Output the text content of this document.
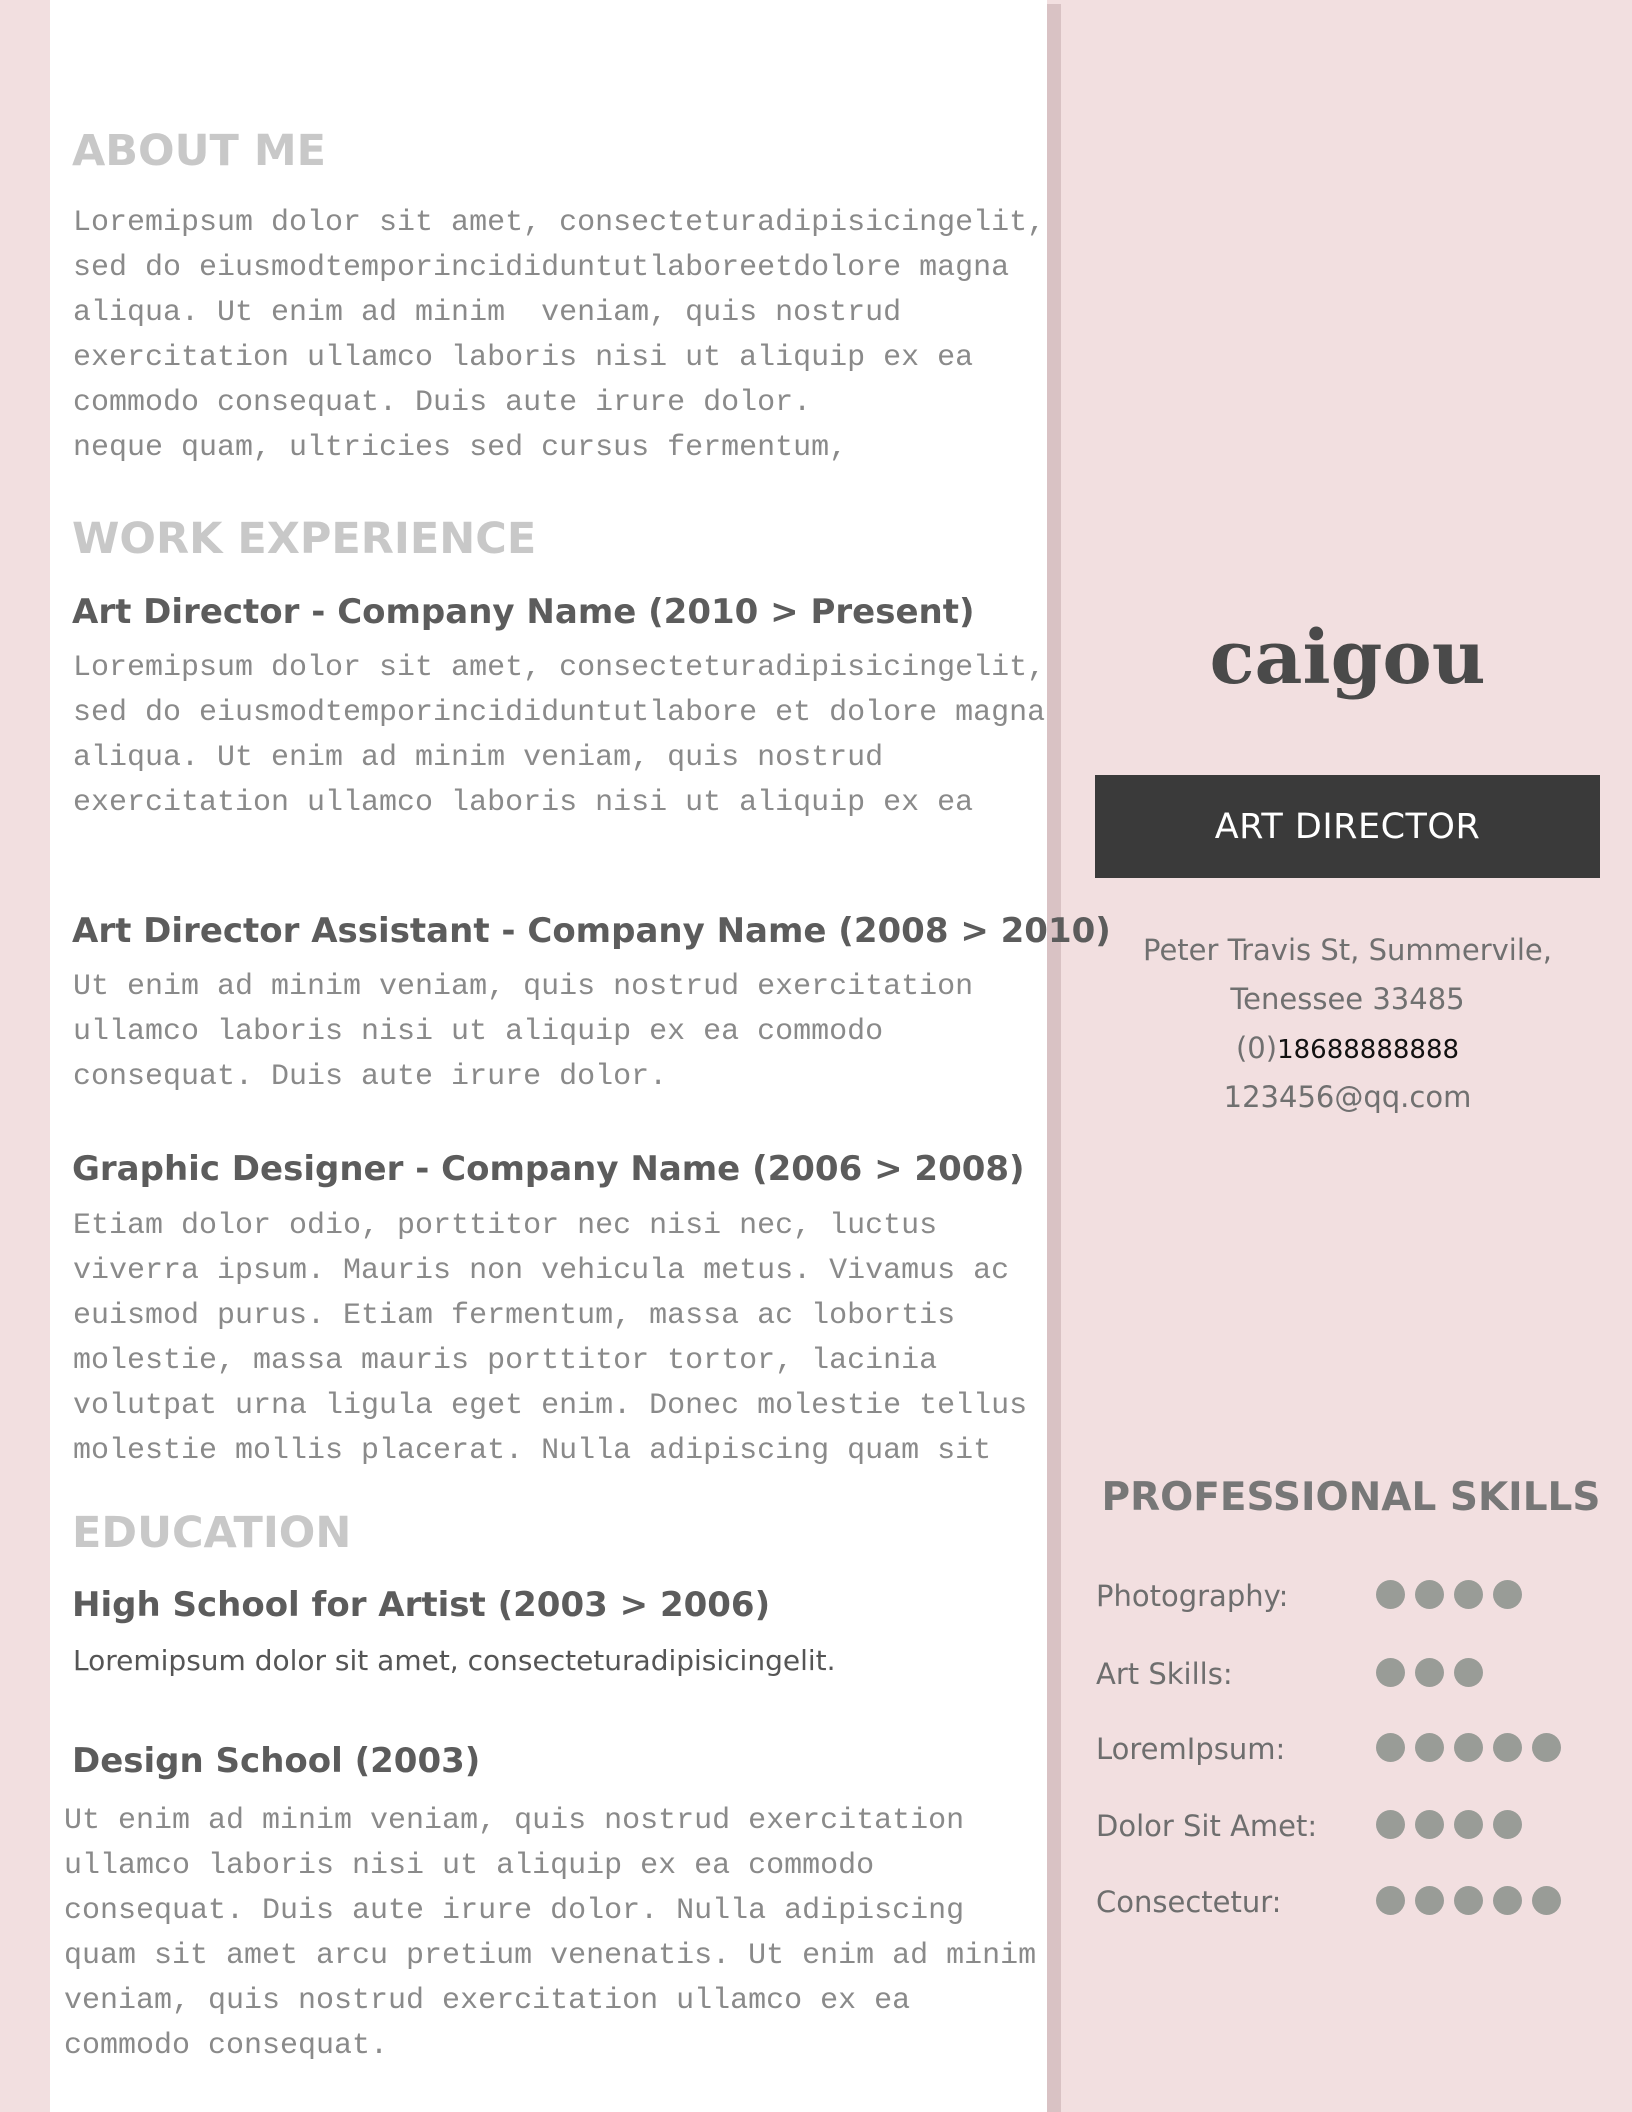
ABOUT ME

Loremipsum dolor sit amet, consecteturadipisicingelit,
sed do eiusmodtemporincididuntutlaboreetdolore magna
aliqua. Ut enim ad minim  veniam, quis nostrud
exercitation ullamco laboris nisi ut aliquip ex ea
commodo consequat. Duis aute irure dolor.
neque quam, ultricies sed cursus fermentum,

WORK EXPERIENCE
Art Director - Company Name (2010 > Present)

Loremipsum dolor sit amet, consecteturadipisicingelit,
sed do eiusmodtemporincididuntutlabore et dolore magna
aliqua. Ut enim ad minim veniam, quis nostrud
exercitation ullamco laboris nisi ut aliquip ex ea

Art Director Assistant - Company Name (2008 > 2010)

Ut enim ad minim veniam, quis nostrud exercitation
ullamco laboris nisi ut aliquip ex ea commodo
consequat. Duis aute irure dolor.

Graphic Designer - Company Name (2006 > 2008)

Etiam dolor odio, porttitor nec nisi nec, luctus
viverra ipsum. Mauris non vehicula metus. Vivamus ac
euismod purus. Etiam fermentum, massa ac lobortis
molestie, massa mauris porttitor tortor, lacinia
volutpat urna ligula eget enim. Donec molestie tellus
molestie mollis placerat. Nulla adipiscing quam sit

EDUCATION
High School for Artist (2003 > 2006)

Loremipsum dolor sit amet, consecteturadipisicingelit.

Design School (2003)

Ut enim ad minim veniam, quis nostrud exercitation
ullamco laboris nisi ut aliquip ex ea commodo
consequat. Duis aute irure dolor. Nulla adipiscing
quam sit amet arcu pretium venenatis. Ut enim ad minim
veniam, quis nostrud exercitation ullamco ex ea
commodo consequat.

caigou
ART DIRECTOR

Peter Travis St, Summervile,

Tenessee 33485

(0)18688888888

123456@qq.com

PROFESSIONAL SKILLS

Photography:

Art Skills:

LoremIpsum:

Dolor Sit Amet:

Consectetur:
